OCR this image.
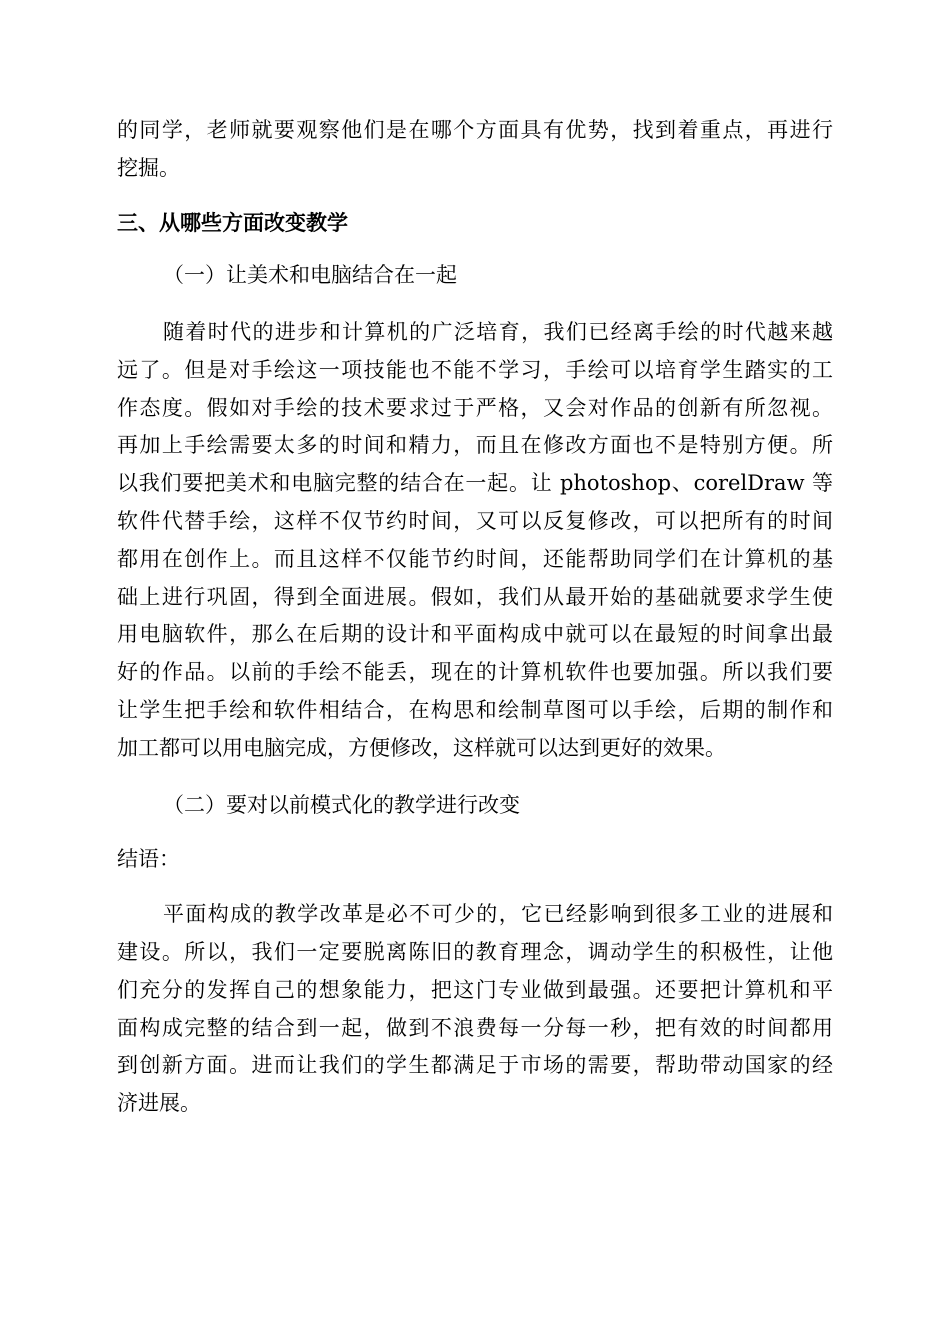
的同学，老师就要观察他们是在哪个方面具有优势，找到着重点，再进行
挖掘。
三、从哪些方面改变教学
（一）让美术和电脑结合在一起
随着时代的进步和计算机的广泛培育，我们已经离手绘的时代越来越
远了。但是对手绘这一项技能也不能不学习，手绘可以培育学生踏实的工
作态度。假如对手绘的技术要求过于严格，又会对作品的创新有所忽视。
再加上手绘需要太多的时间和精力，而且在修改方面也不是特别方便。所
以我们要把美术和电脑完整的结合在一起。让 photoshop、corelDraw 等
软件代替手绘，这样不仅节约时间，又可以反复修改，可以把所有的时间
都用在创作上。而且这样不仅能节约时间，还能帮助同学们在计算机的基
础上进行巩固，得到全面进展。假如，我们从最开始的基础就要求学生使
用电脑软件，那么在后期的设计和平面构成中就可以在最短的时间拿出最
好的作品。以前的手绘不能丢，现在的计算机软件也要加强。所以我们要
让学生把手绘和软件相结合，在构思和绘制草图可以手绘，后期的制作和
加工都可以用电脑完成，方便修改，这样就可以达到更好的效果。
（二）要对以前模式化的教学进行改变
结语：
平面构成的教学改革是必不可少的，它已经影响到很多工业的进展和
建设。所以，我们一定要脱离陈旧的教育理念，调动学生的积极性，让他
们充分的发挥自己的想象能力，把这门专业做到最强。还要把计算机和平
面构成完整的结合到一起，做到不浪费每一分每一秒，把有效的时间都用
到创新方面。进而让我们的学生都满足于市场的需要，帮助带动国家的经
济进展。
